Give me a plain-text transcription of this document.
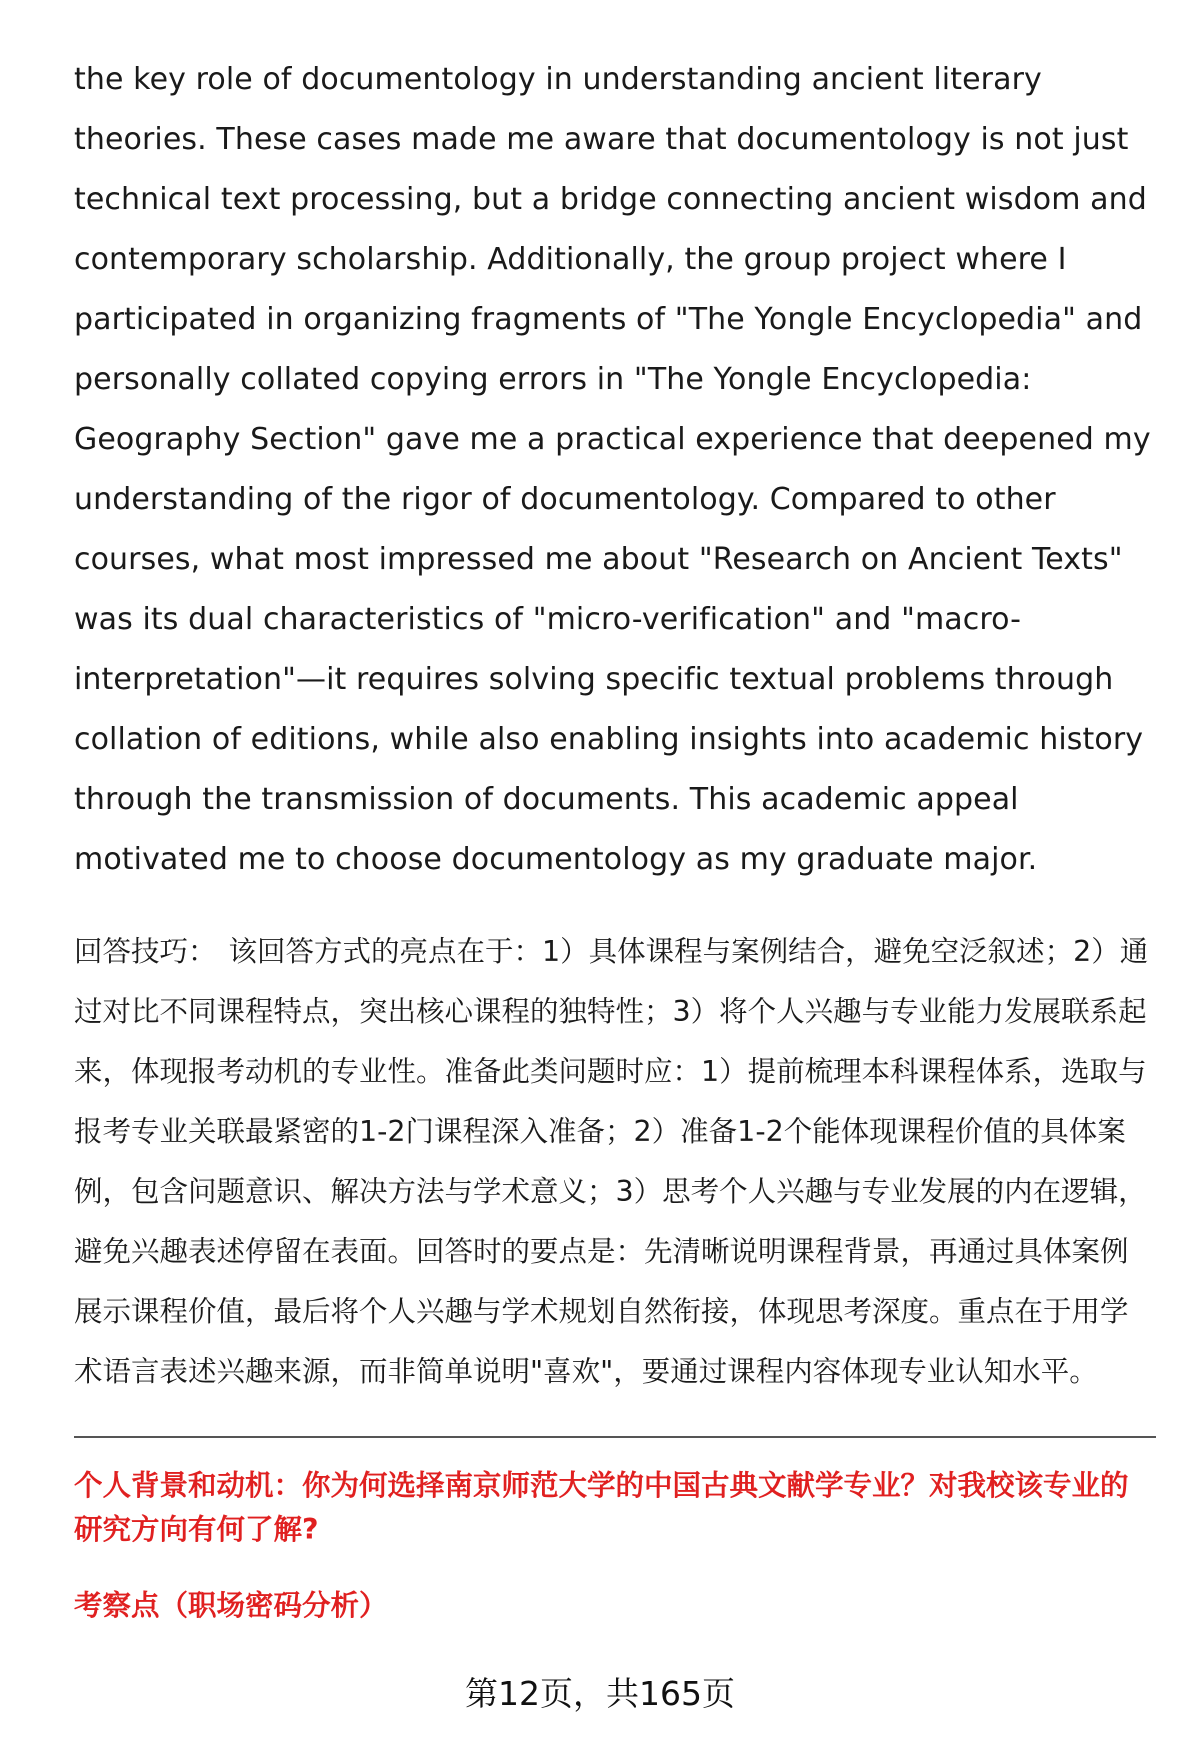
the key role of documentology in understanding ancient literary theories. These cases made me aware that documentology is not just technical text processing, but a bridge connecting ancient wisdom and contemporary scholarship. Additionally, the group project where I participated in organizing fragments of "The Yongle Encyclopedia" and personally collated copying errors in "The Yongle Encyclopedia: Geography Section" gave me a practical experience that deepened my understanding of the rigor of documentology. Compared to other courses, what most impressed me about "Research on Ancient Texts" was its dual characteristics of "micro-verification" and "macro-interpretation"—it requires solving specific textual problems through collation of editions, while also enabling insights into academic history through the transmission of documents. This academic appeal motivated me to choose documentology as my graduate major.

回答技巧： 该回答方式的亮点在于：1）具体课程与案例结合，避免空泛叙述；2）通过对比不同课程特点，突出核心课程的独特性；3）将个人兴趣与专业能力发展联系起来，体现报考动机的专业性。准备此类问题时应：1）提前梳理本科课程体系，选取与报考专业关联最紧密的1-2门课程深入准备；2）准备1-2个能体现课程价值的具体案例，包含问题意识、解决方法与学术意义；3）思考个人兴趣与专业发展的内在逻辑，避免兴趣表述停留在表面。回答时的要点是：先清晰说明课程背景，再通过具体案例展示课程价值，最后将个人兴趣与学术规划自然衔接，体现思考深度。重点在于用学术语言表述兴趣来源，而非简单说明"喜欢"，要通过课程内容体现专业认知水平。
个人背景和动机：你为何选择南京师范大学的中国古典文献学专业？对我校该专业的研究方向有何了解?
考察点（职场密码分析）
第12页，共165页
